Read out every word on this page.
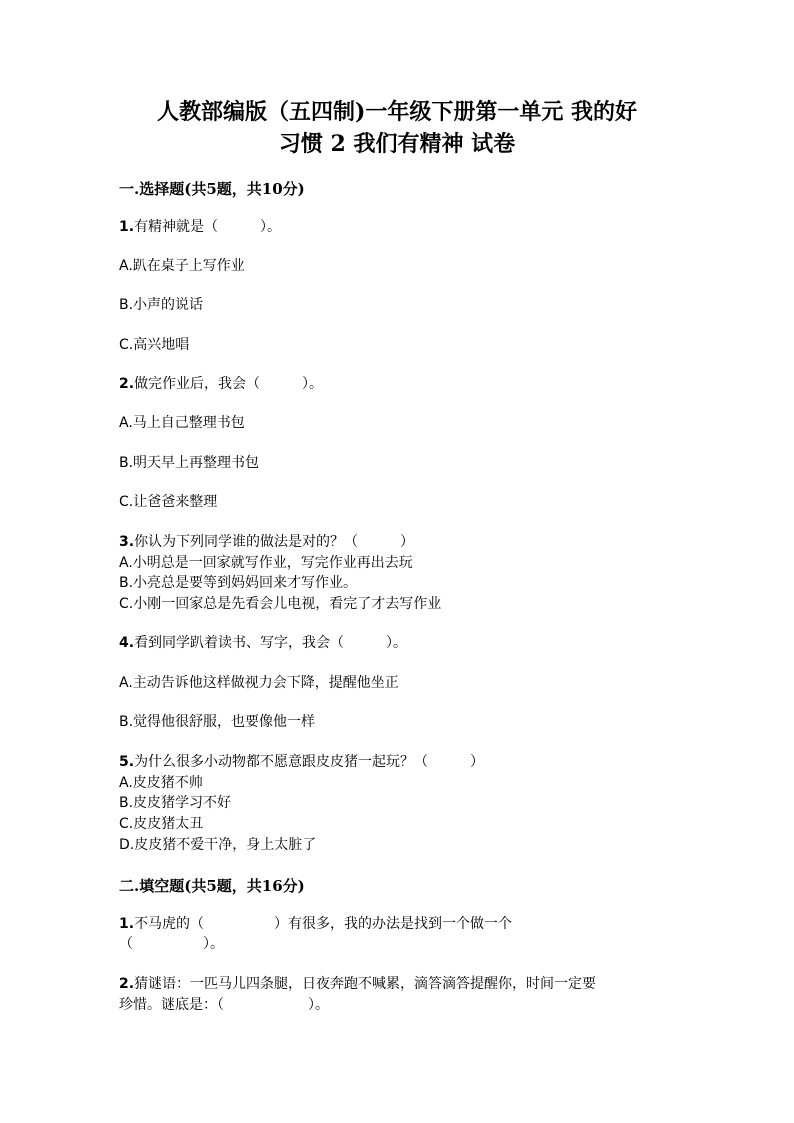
人教部编版（五四制)一年级下册第一单元 我的好
习惯 2 我们有精神 试卷
一.选择题(共5题，共10分)
1.有精神就是（　　　）。
A.趴在桌子上写作业
B.小声的说话
C.高兴地唱
2.做完作业后，我会（　　　）。
A.马上自己整理书包
B.明天早上再整理书包
C.让爸爸来整理
3.你认为下列同学谁的做法是对的？（　　　）
A.小明总是一回家就写作业，写完作业再出去玩
B.小亮总是要等到妈妈回来才写作业。
C.小刚一回家总是先看会儿电视，看完了才去写作业
4.看到同学趴着读书、写字，我会（　　　）。
A.主动告诉他这样做视力会下降，提醒他坐正
B.觉得他很舒服，也要像他一样
5.为什么很多小动物都不愿意跟皮皮猪一起玩？（　　　）
A.皮皮猪不帅
B.皮皮猪学习不好
C.皮皮猪太丑
D.皮皮猪不爱干净，身上太脏了
二.填空题(共5题，共16分)
1.不马虎的（　　　　　）有很多，我的办法是找到一个做一个
（　　　　　）。
2.猜谜语：一匹马儿四条腿，日夜奔跑不喊累，滴答滴答提醒你，时间一定要
珍惜。谜底是：（　　　　　　）。
